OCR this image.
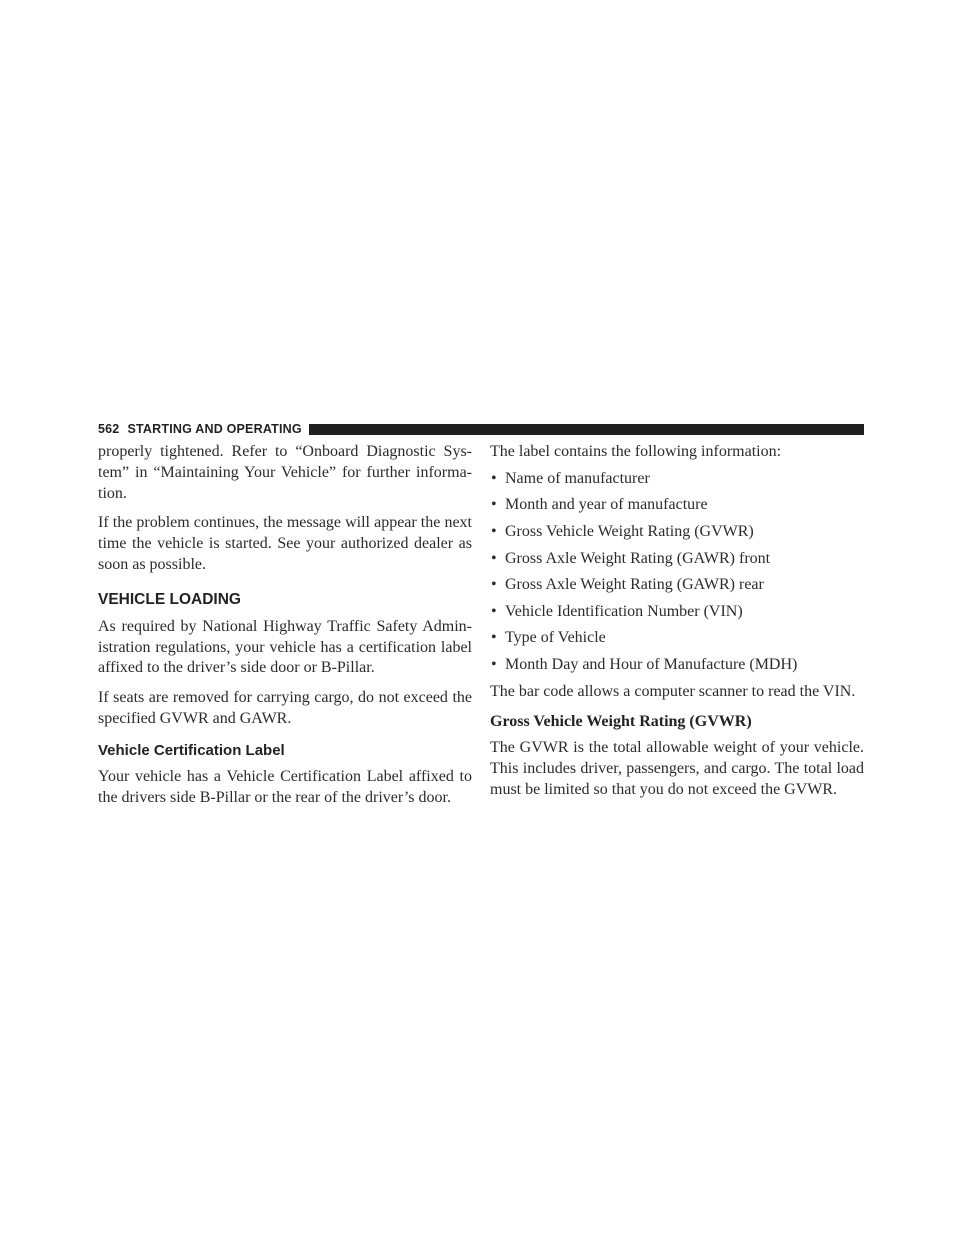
562 STARTING AND OPERATING

properly tightened. Refer to “Onboard Diagnostic Sys-tem” in “Maintaining Your Vehicle” for further informa-tion.

If the problem continues, the message will appear the next time the vehicle is started. See your authorized dealer as soon as possible.

VEHICLE LOADING

As required by National Highway Traffic Safety Admin-istration regulations, your vehicle has a certification label affixed to the driver’s side door or B-Pillar.

If seats are removed for carrying cargo, do not exceed the specified GVWR and GAWR.

Vehicle Certification Label

Your vehicle has a Vehicle Certification Label affixed to the drivers side B-Pillar or the rear of the driver’s door.

The label contains the following information:

• Name of manufacturer
• Month and year of manufacture
• Gross Vehicle Weight Rating (GVWR)
• Gross Axle Weight Rating (GAWR) front
• Gross Axle Weight Rating (GAWR) rear
• Vehicle Identification Number (VIN)
• Type of Vehicle
• Month Day and Hour of Manufacture (MDH)

The bar code allows a computer scanner to read the VIN.

Gross Vehicle Weight Rating (GVWR)

The GVWR is the total allowable weight of your vehicle. This includes driver, passengers, and cargo. The total load must be limited so that you do not exceed the GVWR.
